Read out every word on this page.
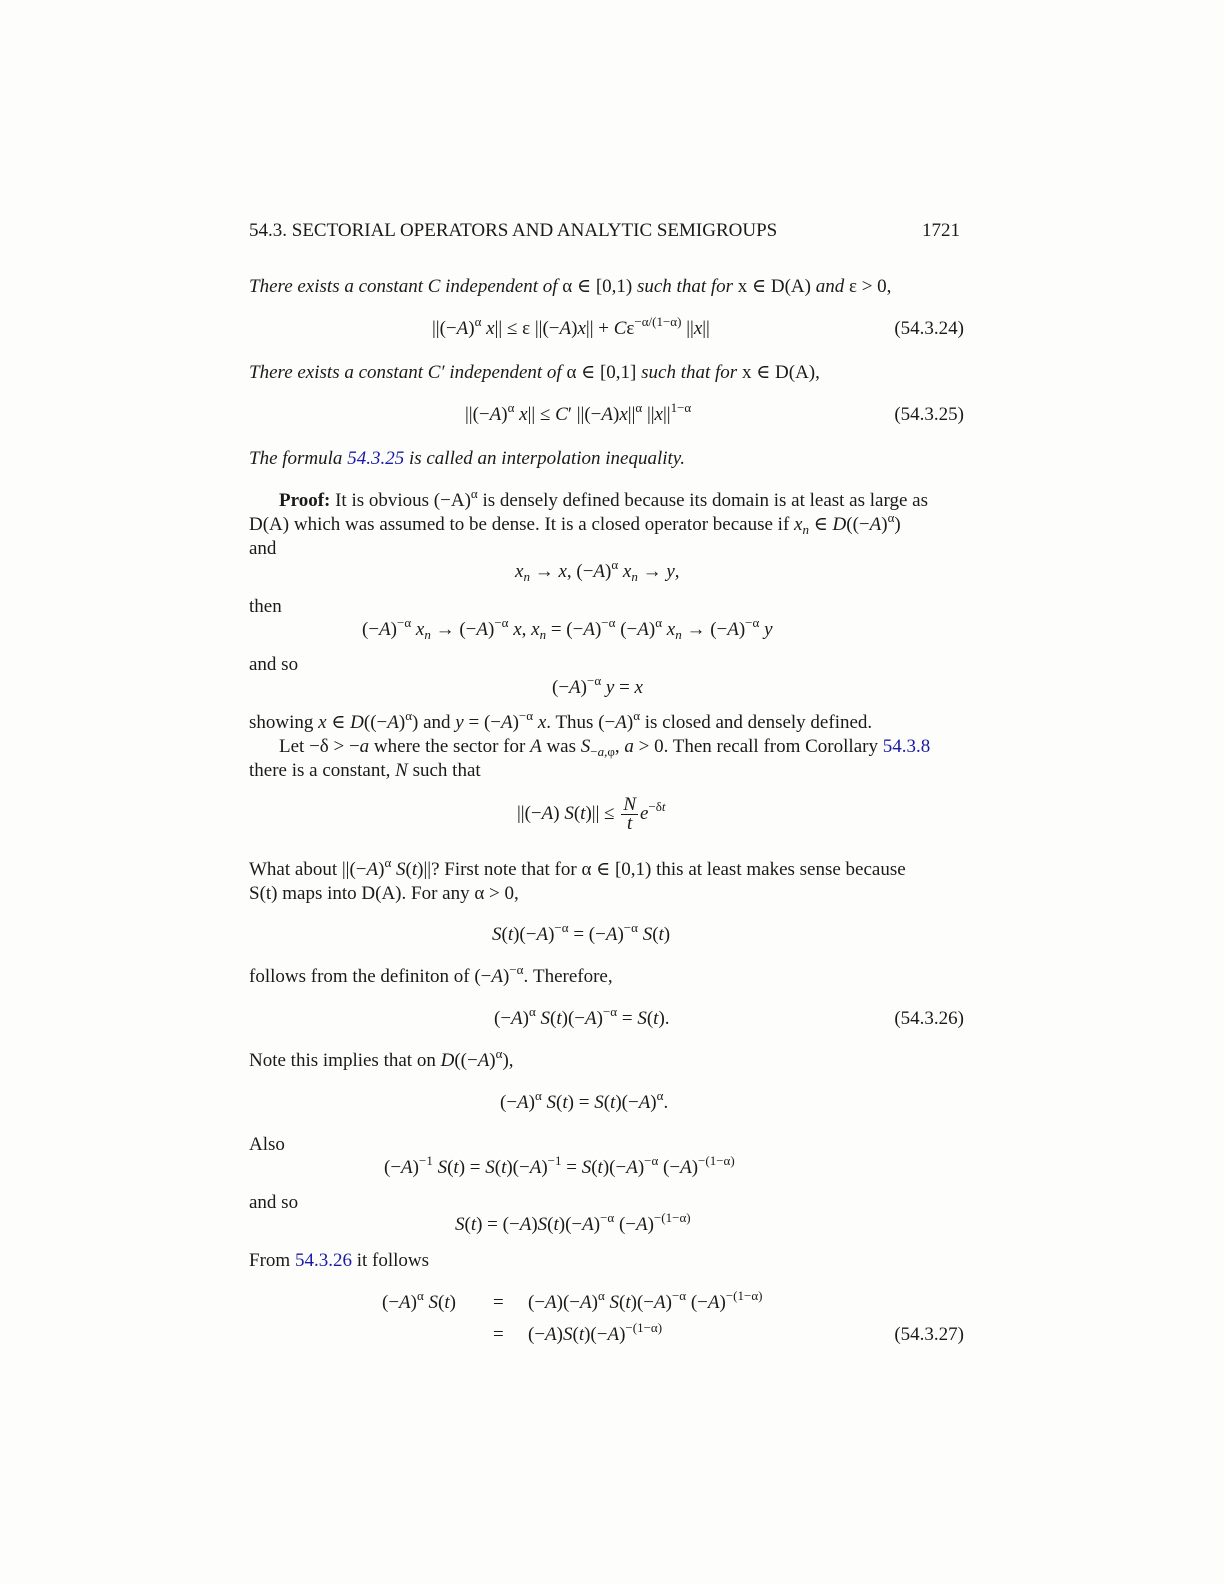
54.3. SECTORIAL OPERATORS AND ANALYTIC SEMIGROUPS	1721
There exists a constant C independent of α ∈ [0,1) such that for x ∈ D(A) and ε > 0,
$||(-A)^\alpha$ x|| ≤ ε $||(-A)x|| + C\varepsilon^{-\alpha/(1-\alpha)}$ ||x||	(54.3.24)
There exists a constant C′ independent of α ∈ [0,1] such that for x ∈ D(A),
$||(-A)^\alpha$ x|| ≤ C′ $||(-A)x||^\alpha$ $||x||^{1-\alpha}$	(54.3.25)
The formula 54.3.25 is called an interpolation inequality.
Proof: It is obvious $(-A)^\alpha$ is densely defined because its domain is at least as large as
D(A) which was assumed to be dense. It is a closed operator because if $x_n$ ∈ $D((-A)^\alpha)$
and
$x_n \to x$, $(-A)^\alpha$ $x_n \to y$,
then
$(-A)^{-\alpha}$ $x_n \to (-A)^{-\alpha}$ x, $x_n = (-A)^{-\alpha}$ $(-A)^\alpha$ $x_n \to (-A)^{-\alpha}$ y
and so
$(-A)^{-\alpha}$ y = x
showing x ∈ $D((-A)^\alpha)$ and $y = (-A)^{-\alpha}$ x. Thus $(-A)^\alpha$ is closed and densely defined.
Let −δ > −a where the sector for A was $S_{-a,\varphi}$, a > 0. Then recall from Corollary 54.3.8
there is a constant, N such that
||(−A) $S(t)|| \le \frac{N}{t} e^{-\delta t}$
What about $||(-A)^\alpha$ S(t)||? First note that for α ∈ [0,1) this at least makes sense because
S(t) maps into D(A). For any α > 0,
$S(t)(-A)^{-\alpha} = (-A)^{-\alpha}$ S(t)
follows from the definiton of $(-A)^{-\alpha}$. Therefore,
$(-A)^\alpha$ $S(t)(-A)^{-\alpha} = S(t)$.	(54.3.26)
Note this implies that on $D((-A)^\alpha)$,
$(-A)^\alpha$ $S(t) = S(t)(-A)^\alpha$.
Also
$(-A)^{-1}$ $S(t) = S(t)(-A)^{-1} = S(t)(-A)^{-\alpha}$ $(-A)^{-(1-\alpha)}$
and so
$S(t) = (-A)S(t)(-A)^{-\alpha}$ $(-A)^{-(1-\alpha)}$
From 54.3.26 it follows
$(-A)^\alpha$ $S(t) = (-A)(-A)^\alpha$ $S(t)(-A)^{-\alpha}$ $(-A)^{-(1-\alpha)}$
= $(-A)S(t)(-A)^{-(1-\alpha)}$	(54.3.27)
